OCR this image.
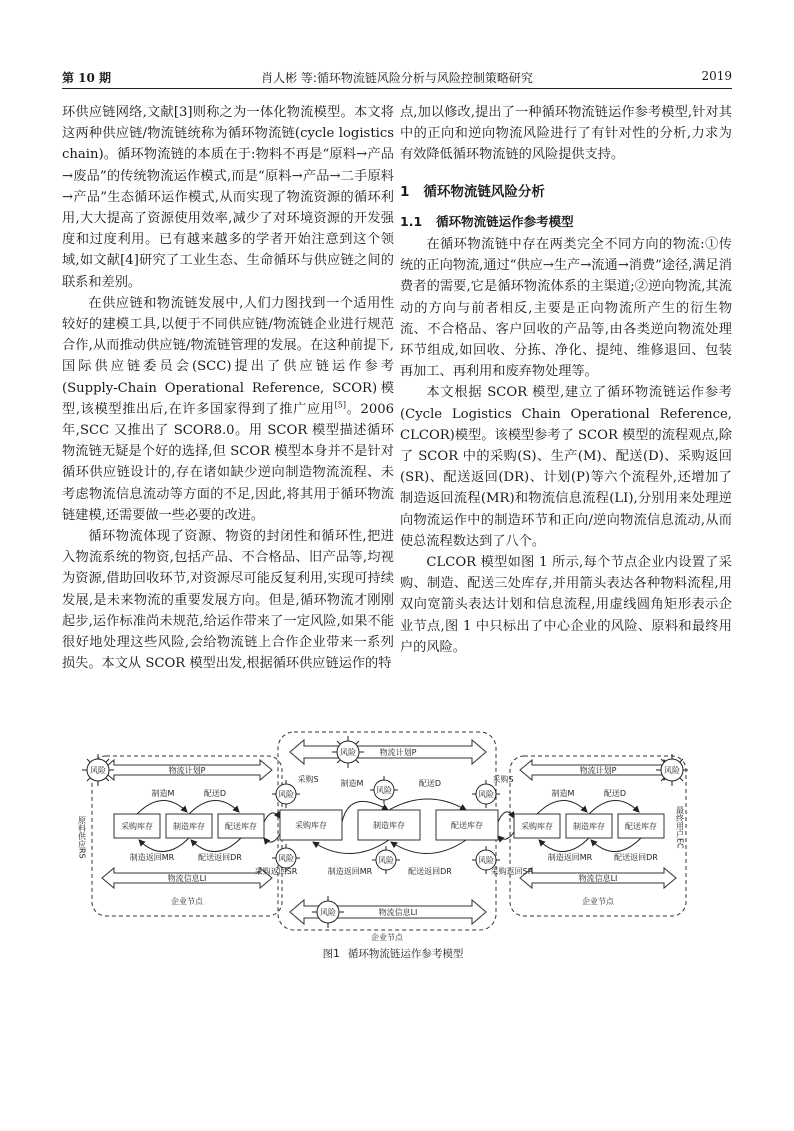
第 10 期	肖人彬 等:循环物流链风险分析与风险控制策略研究	2019

环供应链网络,文献[3]则称之为一体化物流模型。本文将这两种供应链/物流链统称为循环物流链(cycle logistics chain)。循环物流链的本质在于:物料不再是“原料→产品→废品”的传统物流运作模式,而是“原料→产品→二手原料→产品”生态循环运作模式,从而实现了物流资源的循环利用,大大提高了资源使用效率,减少了对环境资源的开发强度和过度利用。已有越来越多的学者开始注意到这个领域,如文献[4]研究了工业生态、生命循环与供应链之间的联系和差别。

在供应链和物流链发展中,人们力图找到一个适用性较好的建模工具,以便于不同供应链/物流链企业进行规范合作,从而推动供应链/物流链管理的发展。在这种前提下,国际供应链委员会(SCC)提出了供应链运作参考(Supply-Chain Operational Reference, SCOR)模型,该模型推出后,在许多国家得到了推广应用[5]。2006 年,SCC 又推出了 SCOR8.0。用 SCOR 模型描述循环物流链无疑是个好的选择,但 SCOR 模型本身并不是针对循环供应链设计的,存在诸如缺少逆向制造物流流程、未考虑物流信息流动等方面的不足,因此,将其用于循环物流链建模,还需要做一些必要的改进。

循环物流体现了资源、物资的封闭性和循环性,把进入物流系统的物资,包括产品、不合格品、旧产品等,均视为资源,借助回收环节,对资源尽可能反复利用,实现可持续发展,是未来物流的重要发展方向。但是,循环物流才刚刚起步,运作标准尚未规范,给运作带来了一定风险,如果不能很好地处理这些风险,会给物流链上合作企业带来一系列损失。本文从 SCOR 模型出发,根据循环供应链运作的特

点,加以修改,提出了一种循环物流链运作参考模型,针对其中的正向和逆向物流风险进行了有针对性的分析,力求为有效降低循环物流链的风险提供支持。

1 循环物流链风险分析
1.1 循环物流链运作参考模型

在循环物流链中存在两类完全不同方向的物流:①传统的正向物流,通过“供应→生产→流通→消费”途径,满足消费者的需要,它是循环物流体系的主渠道;②逆向物流,其流动的方向与前者相反,主要是正向物流所产生的衍生物流、不合格品、客户回收的产品等,由各类逆向物流处理环节组成,如回收、分拣、净化、提纯、维修退回、包装再加工、再利用和废弃物处理等。

本文根据 SCOR 模型,建立了循环物流链运作参考(Cycle Logistics Chain Operational Reference, CLCOR)模型。该模型参考了 SCOR 模型的流程观点,除了 SCOR 中的采购(S)、生产(M)、配送(D)、采购返回(SR)、配送返回(DR)、计划(P)等六个流程外,还增加了制造返回流程(MR)和物流信息流程(LI),分别用来处理逆向物流运作中的制造环节和正向/逆向物流信息流动,从而使总流程数达到了八个。

CLCOR 模型如图 1 所示,每个节点企业内设置了采购、制造、配送三处库存,并用箭头表达各种物料流程,用双向宽箭头表达计划和信息流程,用虚线圆角矩形表示企业节点,图 1 中只标出了中心企业的风险、原料和最终用户的风险。

风险
风险
风险	风险	风险
风险	风险	风险
风险
风险
物流计划P
物流计划P
物流计划P
制造M	配送D
采购S	制造M	配送D	采购S
制造M	配送D
采购库存	制造库存	配送库存	采购库存	制造库存	配送库存	采购库存	制造库存	配送库存
制造返回MR	配送返回DR
采购返回SR	制造返回MR	配送返回DR	采购返回SR
制造返回MR	配送返回DR
物流信息LI
物流信息LI
物流信息LI
企业节点
企业节点
企业节点
原料供应RS	最终用户EC
图1 循环物流链运作参考模型
